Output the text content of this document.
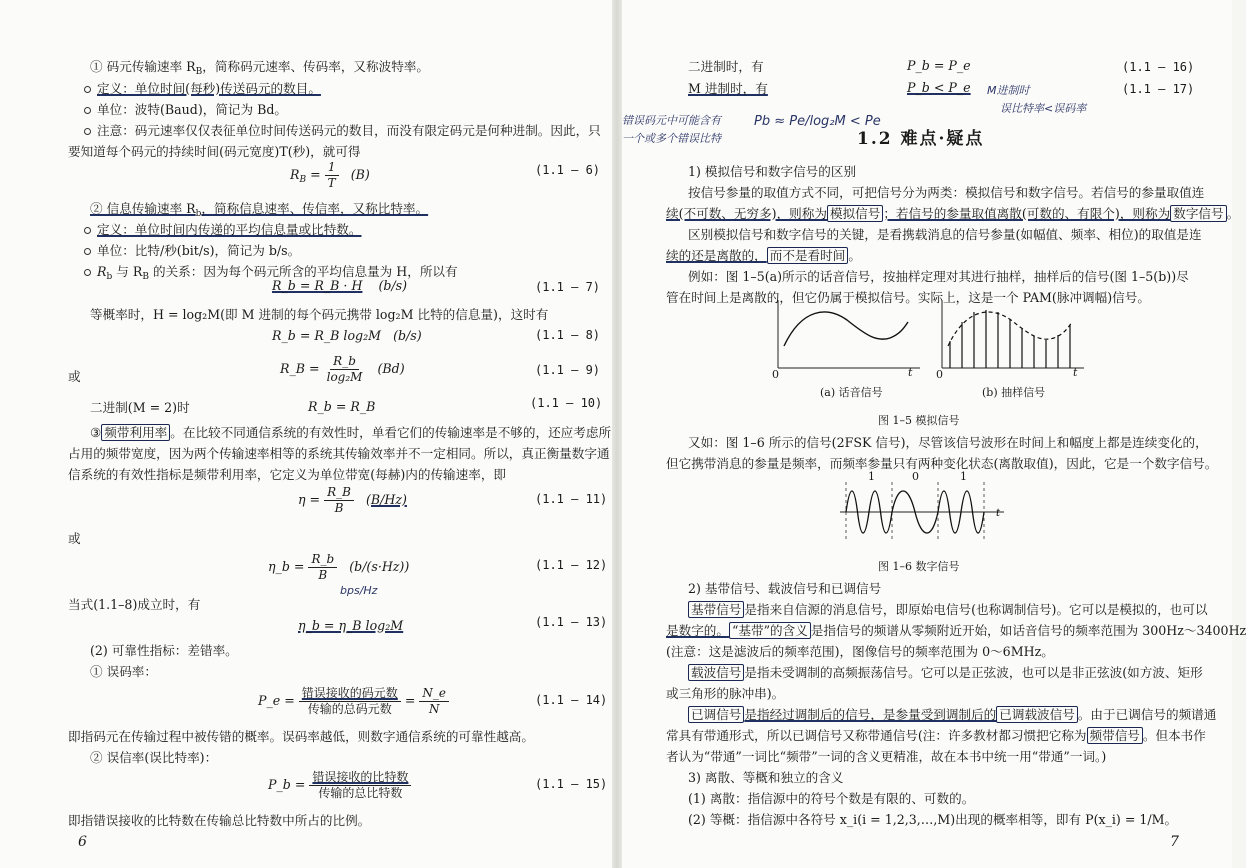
① 码元传输速率 $R_B$，简称码元速率、传码率，又称波特率。
定义：单位时间(每秒)传送码元的数目。
单位：波特(Baud)，简记为 Bd。
注意：码元速率仅仅表征单位时间传送码元的数目，而没有限定码元是何种进制。因此，只
要知道每个码元的持续时间(码元宽度)T(秒)，就可得
$R_B = \frac{1}{T} (B)$	(1.1 – 6)
② 信息传输速率 $R_b$，简称信息速率、传信率，又称比特率。
定义：单位时间内传递的平均信息量或比特数。
单位：比特/秒(bit/s)，简记为 b/s。
$R_b$ 与 $R_B$ 的关系：因为每个码元所含的平均信息量为 H，所以有
R_b = R_B · H (b/s)	(1.1 – 7)
等概率时，H = log₂M(即 M 进制的每个码元携带 log₂M 比特的信息量)，这时有
R_b = R_B log₂M (b/s)	(1.1 – 8)
或
R_B = $\frac{R\_b}{\text{log₂M}} (Bd)$	(1.1 – 9)
二进制(M = 2)时	R_b = R_B	(1.1 – 10)
③ 频带利用率 。在比较不同通信系统的有效性时，单看它们的传输速率是不够的，还应考虑所
占用的频带宽度，因为两个传输速率相等的系统其传输效率并不一定相同。所以，真正衡量数字通
信系统的有效性指标是频带利用率，它定义为单位带宽(每赫)内的传输速率，即
$\eta = \frac{R\_B}{B} (B/Hz)$	(1.1 – 11)
或
η_b = $\frac{R\_b}{B} (b/(s\cdot Hz))$
bps/Hz
(1.1 – 12)
当式(1.1–8)成立时，有
η_b = η_B log₂M	(1.1 – 13)
(2) 可靠性指标：差错率。
① 误码率：
P_e = $\frac{\text{错误接收的码元数}}{\text{传输的总码元数}} = \frac{N\_e}{N}$	(1.1 – 14)
即指码元在传输过程中被传错的概率。误码率越低，则数字通信系统的可靠性越高。
② 误信率(误比特率)：
P_b = $\frac{\text{错误接收的比特数}}{\text{传输的总比特数}}$	(1.1 – 15)
即指错误接收的比特数在传输总比特数中所占的比例。
6
二进制时，有	P_b = P_e	(1.1 – 16)
M 进制时，有	P_b < P_e	(1.1 – 17)
M进制时
误比特率<误码率
错误码元中可能含有
一个或多个错误比特
Pb ≈ Pe/log₂M < Pe
1.2 难点·疑点
1) 模拟信号和数字信号的区别
按信号参量的取值方式不同，可把信号分为两类：模拟信号和数字信号。若信号的参量取值连
续(不可数、无穷多)，则称为 模拟信号 ；若信号的参量取值离散(可数的、有限个)，则称为 数字信号 。
区别模拟信号和数字信号的关键，是看携载消息的信号参量(如幅值、频率、相位)的取值是连
续的还是离散的， 而不是看时间 。
例如：图 1–5(a)所示的话音信号，按抽样定理对其进行抽样，抽样后的信号(图 1–5(b))尽
管在时间上是离散的，但它仍属于模拟信号。实际上，这是一个 PAM(脉冲调幅)信号。
0	t
(a) 话音信号
0	t
(b) 抽样信号
图 1–5 模拟信号
又如：图 1–6 所示的信号(2FSK 信号)，尽管该信号波形在时间上和幅度上都是连续变化的，
但它携带消息的参量是频率，而频率参量只有两种变化状态(离散取值)，因此，它是一个数字信号。
1	0	1
t
图 1–6 数字信号
2) 基带信号、载波信号和已调信号
基带信号 是指来自信源的消息信号，即原始电信号(也称调制信号)。它可以是模拟的，也可以
是数字的。 “基带”的含义 是指信号的频谱从零频附近开始，如话音信号的频率范围为 300Hz～3400Hz
(注意：这是滤波后的频率范围)，图像信号的频率范围为 0～6MHz。
载波信号 是指未受调制的高频振荡信号。它可以是正弦波，也可以是非正弦波(如方波、矩形
或三角形的脉冲串)。
已调信号 是指经过调制后的信号，是参量受到调制后的 已调载波信号 。由于已调信号的频谱通
常具有带通形式，所以已调信号又称带通信号(注：许多教材都习惯把它称为 频带信号 。但本书作
者认为“带通”一词比“频带”一词的含义更精准，故在本书中统一用“带通”一词。)
3) 离散、等概和独立的含义
(1) 离散：指信源中的符号个数是有限的、可数的。
(2) 等概：指信源中各符号 x_i(i = 1,2,3,…,M)出现的概率相等，即有 P(x_i) = 1/M。
7
